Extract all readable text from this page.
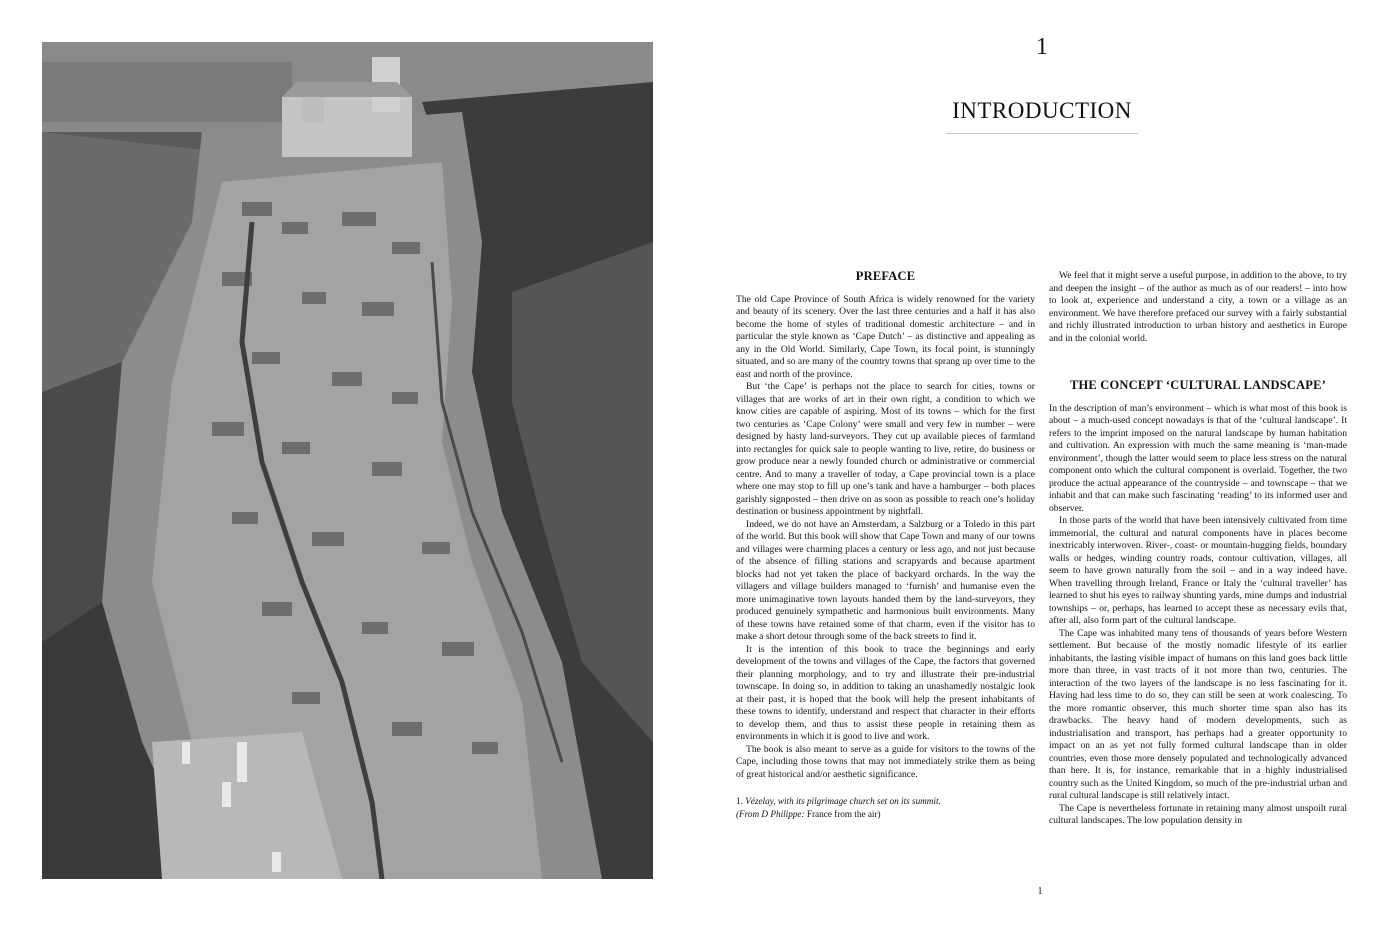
1
INTRODUCTION
PREFACE

The old Cape Province of South Africa is widely renowned for the variety and beauty of its scenery. Over the last three centuries and a half it has also become the home of styles of traditional domestic architecture – and in particular the style known as ‘Cape Dutch’ – as distinctive and appealing as any in the Old World. Similarly, Cape Town, its focal point, is stunningly situated, and so are many of the country towns that sprang up over time to the east and north of the province.

But ‘the Cape’ is perhaps not the place to search for cities, towns or villages that are works of art in their own right, a condition to which we know cities are capable of aspiring. Most of its towns – which for the first two centuries as ‘Cape Colony’ were small and very few in number – were designed by hasty land-surveyors. They cut up available pieces of farmland into rectangles for quick sale to people wanting to live, retire, do business or grow produce near a newly founded church or administrative or commercial centre. And to many a traveller of today, a Cape provincial town is a place where one may stop to fill up one’s tank and have a hamburger – both places garishly signposted – then drive on as soon as possible to reach one’s holiday destination or business appointment by nightfall.

Indeed, we do not have an Amsterdam, a Salzburg or a Toledo in this part of the world. But this book will show that Cape Town and many of our towns and villages were charming places a century or less ago, and not just because of the absence of filling stations and scrapyards and because apartment blocks had not yet taken the place of backyard orchards. In the way the villagers and village builders managed to ‘furnish’ and humanise even the more unimaginative town layouts handed them by the land-surveyors, they produced genuinely sympathetic and harmonious built environments. Many of these towns have retained some of that charm, even if the visitor has to make a short detour through some of the back streets to find it.

It is the intention of this book to trace the beginnings and early development of the towns and villages of the Cape, the factors that governed their planning morphology, and to try and illustrate their pre-industrial townscape. In doing so, in addition to taking an unashamedly nostalgic look at their past, it is hoped that the book will help the present inhabitants of these towns to identify, understand and respect that character in their efforts to develop them, and thus to assist these people in retaining them as environments in which it is good to live and work.

The book is also meant to serve as a guide for visitors to the towns of the Cape, including those towns that may not immediately strike them as being of great historical and/or aesthetic significance.

1. Vézelay, with its pilgrimage church set on its summit.
(From D Philippe: France from the air)

We feel that it might serve a useful purpose, in addition to the above, to try and deepen the insight – of the author as much as of our readers! – into how to look at, experience and understand a city, a town or a village as an environment. We have therefore prefaced our survey with a fairly substantial and richly illustrated introduction to urban history and aesthetics in Europe and in the colonial world.

THE CONCEPT ‘CULTURAL LANDSCAPE’

In the description of man’s environment – which is what most of this book is about – a much-used concept nowadays is that of the ‘cultural landscape’. It refers to the imprint imposed on the natural landscape by human habitation and cultivation. An expression with much the same meaning is ‘man-made environment’, though the latter would seem to place less stress on the natural component onto which the cultural component is overlaid. Together, the two produce the actual appearance of the countryside – and townscape – that we inhabit and that can make such fascinating ‘reading’ to its informed user and observer.

In those parts of the world that have been intensively cultivated from time immemorial, the cultural and natural components have in places become inextricably interwoven. River-, coast- or mountain-hugging fields, boundary walls or hedges, winding country roads, contour cultivation, villages, all seem to have grown naturally from the soil – and in a way indeed have. When travelling through Ireland, France or Italy the ‘cultural traveller’ has learned to shut his eyes to railway shunting yards, mine dumps and industrial townships – or, perhaps, has learned to accept these as necessary evils that, after all, also form part of the cultural landscape.

The Cape was inhabited many tens of thousands of years before Western settlement. But because of the mostly nomadic lifestyle of its earlier inhabitants, the lasting visible impact of humans on this land goes back little more than three, in vast tracts of it not more than two, centuries. The interaction of the two layers of the landscape is no less fascinating for it. Having had less time to do so, they can still be seen at work coalescing. To the more romantic observer, this much shorter time span also has its drawbacks. The heavy hand of modern developments, such as industrialisation and transport, has perhaps had a greater opportunity to impact on an as yet not fully formed cultural landscape than in older countries, even those more densely populated and technologically advanced than here. It is, for instance, remarkable that in a highly industrialised country such as the United Kingdom, so much of the pre-industrial urban and rural cultural landscape is still relatively intact.

The Cape is nevertheless fortunate in retaining many almost unspoilt rural cultural landscapes. The low population density in

1
